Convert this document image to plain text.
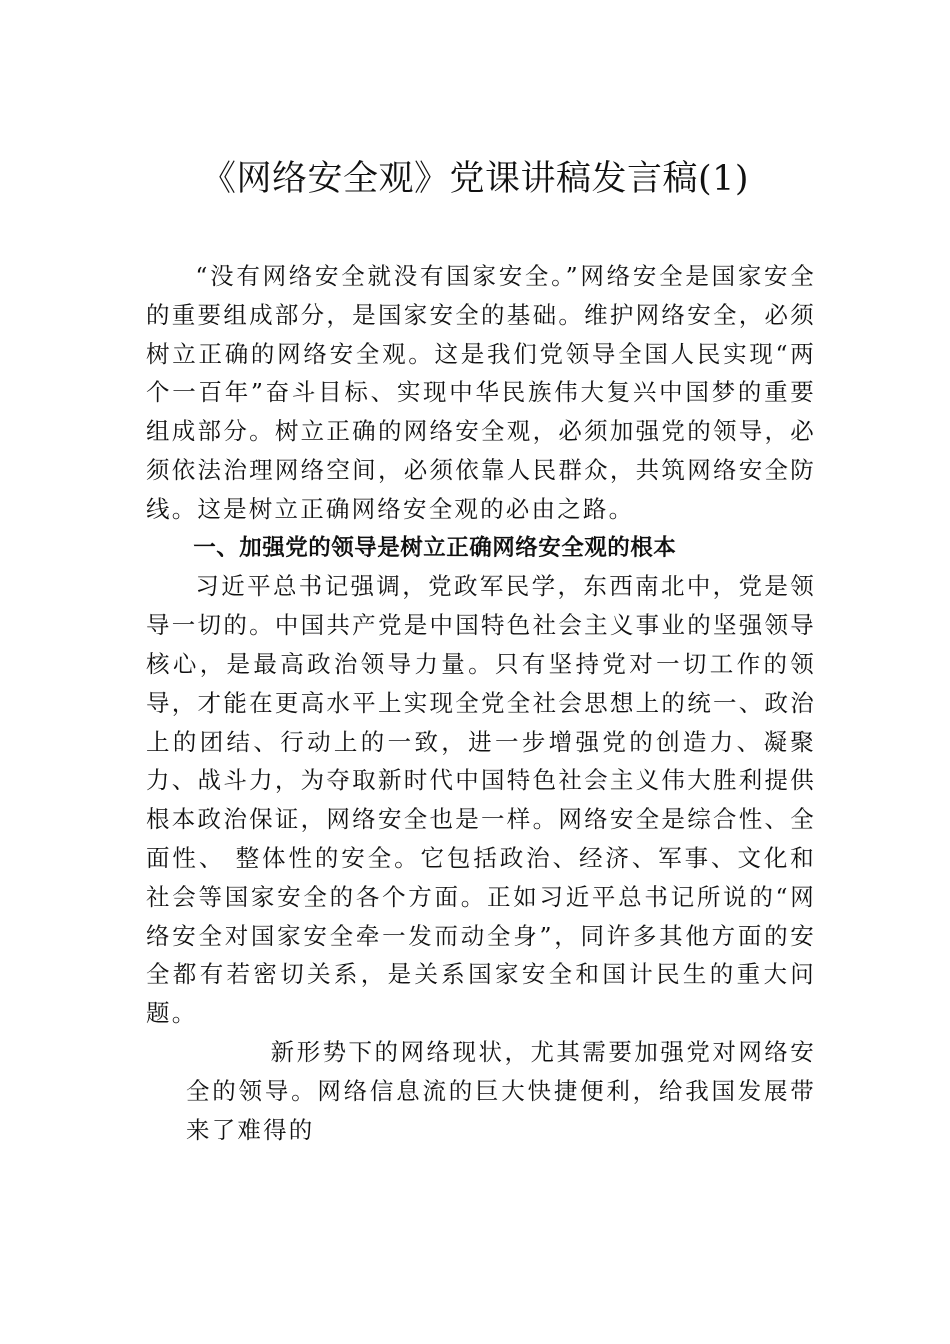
《网络安全观》党课讲稿发言稿(1)

“没有网络安全就没有国家安全。”网络安全是国家安全的重要组成部分，是国家安全的基础。维护网络安全，必须树立正确的网络安全观。这是我们党领导全国人民实现“两个一百年”奋斗目标、实现中华民族伟大复兴中国梦的重要组成部分。树立正确的网络安全观，必须加强党的领导，必须依法治理网络空间，必须依靠人民群众，共筑网络安全防线。这是树立正确网络安全观的必由之路。

一、加强党的领导是树立正确网络安全观的根本

习近平总书记强调，党政军民学，东西南北中，党是领导一切的。中国共产党是中国特色社会主义事业的坚强领导核心，是最高政治领导力量。只有坚持党对一切工作的领导，才能在更高水平上实现全党全社会思想上的统一、政治上的团结、行动上的一致，进一步增强党的创造力、凝聚力、战斗力，为夺取新时代中国特色社会主义伟大胜利提供根本政治保证，网络安全也是一样。网络安全是综合性、全面性、 整体性的安全。它包括政治、经济、军事、文化和社会等国家安全的各个方面。正如习近平总书记所说的“网络安全对国家安全牵一发而动全身”，同许多其他方面的安全都有若密切关系，是关系国家安全和国计民生的重大问题。

新形势下的网络现状，尤其需要加强党对网络安全的领导。网络信息流的巨大快捷便利，给我国发展带来了难得的
